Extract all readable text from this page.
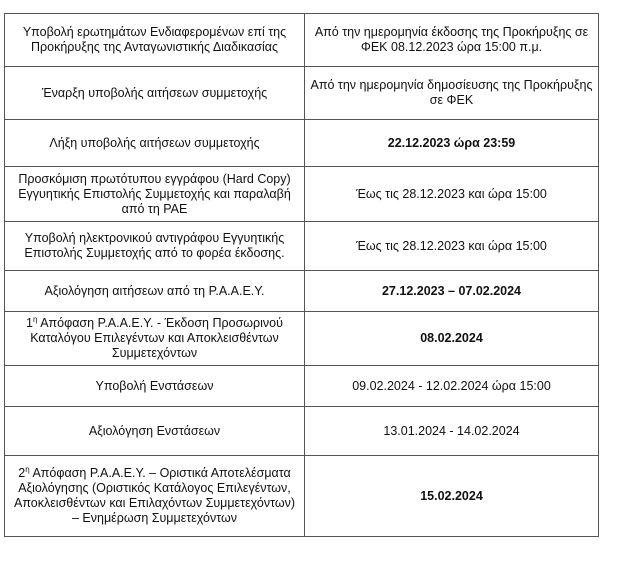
Υποβολή ερωτημάτων Ενδιαφερομένων επί της Προκήρυξης της Ανταγωνιστικής Διαδικασίας	Από την ημερομηνία έκδοσης της Προκήρυξης σε ΦΕΚ 08.12.2023 ώρα 15:00 π.μ.
Έναρξη υποβολής αιτήσεων συμμετοχής	Από την ημερομηνία δημοσίευσης της Προκήρυξης σε ΦΕΚ
Λήξη υποβολής αιτήσεων συμμετοχής	22.12.2023 ώρα 23:59
Προσκόμιση πρωτότυπου εγγράφου (Hard Copy) Εγγυητικής Επιστολής Συμμετοχής και παραλαβή από τη ΡΑΕ	Έως τις 28.12.2023 και ώρα 15:00
Υποβολή ηλεκτρονικού αντιγράφου Εγγυητικής Επιστολής Συμμετοχής από το φορέα έκδοσης.	Έως τις 28.12.2023 και ώρα 15:00
Αξιολόγηση αιτήσεων από τη Ρ.Α.Α.Ε.Υ.	27.12.2023 – 07.02.2024
$1^\eta$ Απόφαση Ρ.Α.Α.Ε.Υ. - Έκδοση Προσωρινού Καταλόγου Επιλεγέντων και Αποκλεισθέντων Συμμετεχόντων	08.02.2024
Υποβολή Ενστάσεων	09.02.2024 - 12.02.2024 ώρα 15:00
Αξιολόγηση Ενστάσεων	13.01.2024 - 14.02.2024
$2^\eta$ Απόφαση Ρ.Α.Α.Ε.Υ. – Οριστικά Αποτελέσματα Αξιολόγησης (Οριστικός Κατάλογος Επιλεγέντων, Αποκλεισθέντων και Επιλαχόντων Συμμετεχόντων) – Ενημέρωση Συμμετεχόντων	15.02.2024
